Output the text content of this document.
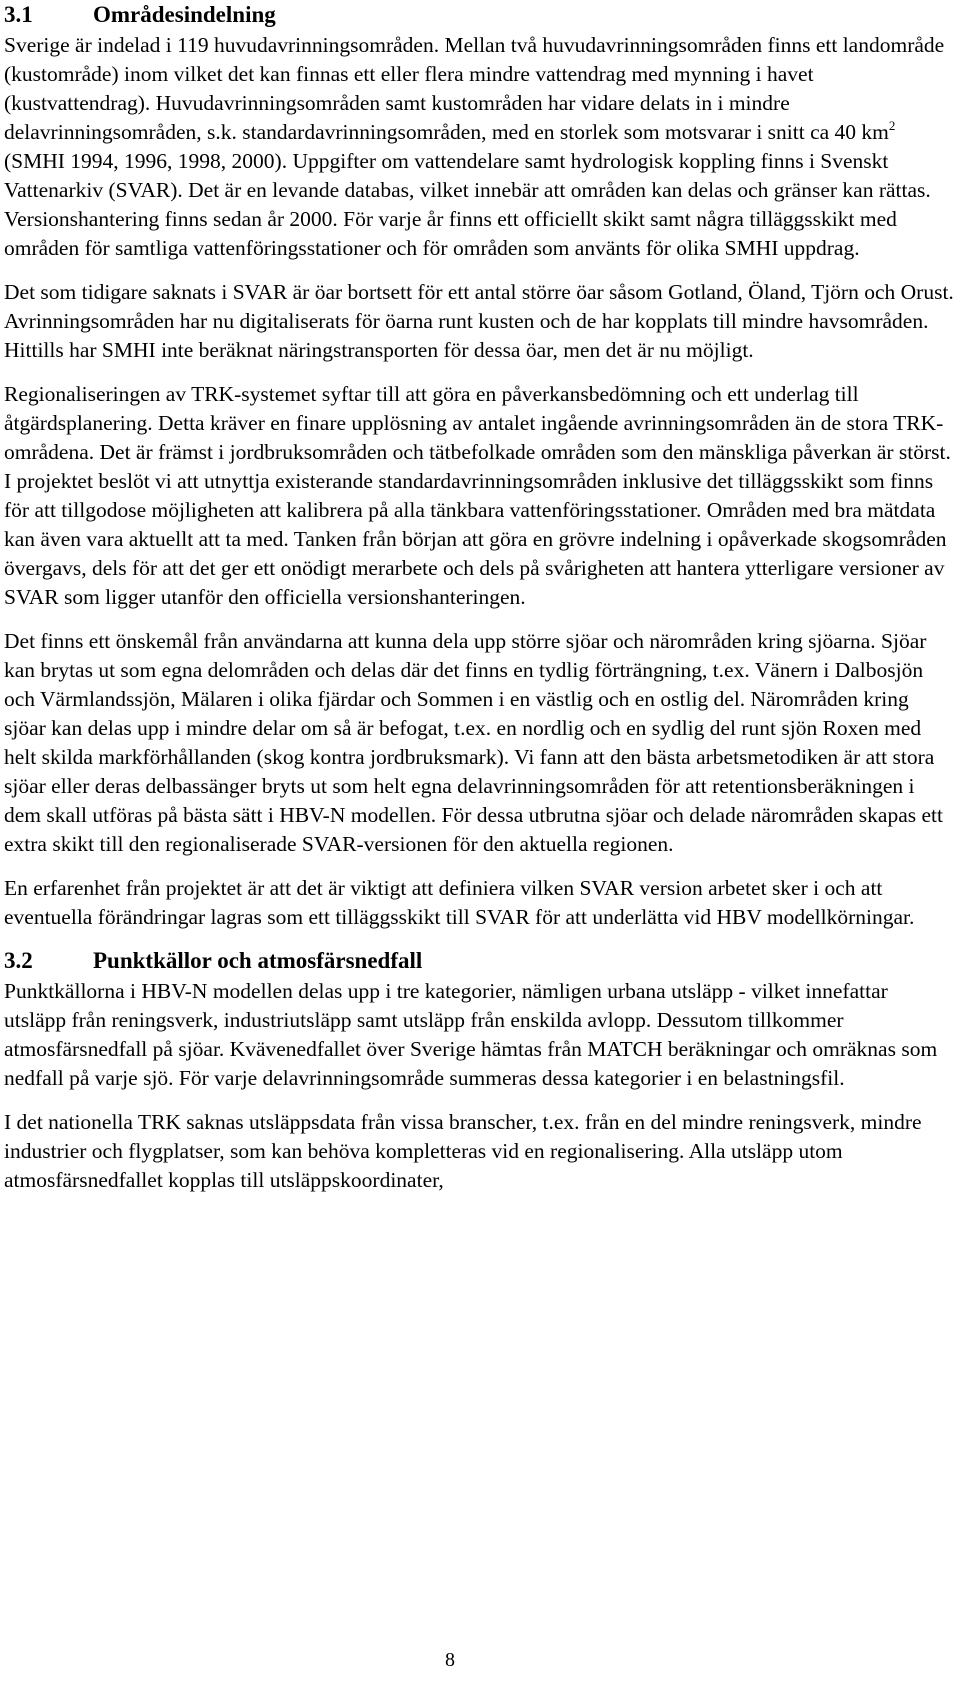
3.1	Områdesindelning

Sverige är indelad i 119 huvudavrinningsområden. Mellan två huvudavrinningsområden finns ett landområde (kustområde) inom vilket det kan finnas ett eller flera mindre vattendrag med mynning i havet (kustvattendrag). Huvudavrinningsområden samt kustområden har vidare delats in i mindre delavrinningsområden, s.k. standardavrinningsområden, med en storlek som motsvarar i snitt ca 40 $km^2$ (SMHI 1994, 1996, 1998, 2000). Uppgifter om vattendelare samt hydrologisk koppling finns i Svenskt Vattenarkiv (SVAR). Det är en levande databas, vilket innebär att områden kan delas och gränser kan rättas. Versionshantering finns sedan år 2000. För varje år finns ett officiellt skikt samt några tilläggsskikt med områden för samtliga vattenföringsstationer och för områden som använts för olika SMHI uppdrag.

Det som tidigare saknats i SVAR är öar bortsett för ett antal större öar såsom Gotland, Öland, Tjörn och Orust. Avrinningsområden har nu digitaliserats för öarna runt kusten och de har kopplats till mindre havsområden. Hittills har SMHI inte beräknat näringstransporten för dessa öar, men det är nu möjligt.

Regionaliseringen av TRK-systemet syftar till att göra en påverkansbedömning och ett underlag till åtgärdsplanering. Detta kräver en finare upplösning av antalet ingående avrinningsområden än de stora TRK-områdena. Det är främst i jordbruksområden och tätbefolkade områden som den mänskliga påverkan är störst. I projektet beslöt vi att utnyttja existerande standardavrinningsområden inklusive det tilläggsskikt som finns för att tillgodose möjligheten att kalibrera på alla tänkbara vattenföringsstationer. Områden med bra mätdata kan även vara aktuellt att ta med. Tanken från början att göra en grövre indelning i opåverkade skogsområden övergavs, dels för att det ger ett onödigt merarbete och dels på svårigheten att hantera ytterligare versioner av SVAR som ligger utanför den officiella versionshanteringen.

Det finns ett önskemål från användarna att kunna dela upp större sjöar och närområden kring sjöarna. Sjöar kan brytas ut som egna delområden och delas där det finns en tydlig förträngning, t.ex. Vänern i Dalbosjön och Värmlandssjön, Mälaren i olika fjärdar och Sommen i en västlig och en ostlig del. Närområden kring sjöar kan delas upp i mindre delar om så är befogat, t.ex. en nordlig och en sydlig del runt sjön Roxen med helt skilda markförhållanden (skog kontra jordbruksmark). Vi fann att den bästa arbetsmetodiken är att stora sjöar eller deras delbassänger bryts ut som helt egna delavrinningsområden för att retentionsberäkningen i dem skall utföras på bästa sätt i HBV-N modellen. För dessa utbrutna sjöar och delade närområden skapas ett extra skikt till den regionaliserade SVAR-versionen för den aktuella regionen.

En erfarenhet från projektet är att det är viktigt att definiera vilken SVAR version arbetet sker i och att eventuella förändringar lagras som ett tilläggsskikt till SVAR för att underlätta vid HBV modellkörningar.

3.2	Punktkällor och atmosfärsnedfall

Punktkällorna i HBV-N modellen delas upp i tre kategorier, nämligen urbana utsläpp - vilket innefattar utsläpp från reningsverk, industriutsläpp samt utsläpp från enskilda avlopp. Dessutom tillkommer atmosfärsnedfall på sjöar. Kvävenedfallet över Sverige hämtas från MATCH beräkningar och omräknas som nedfall på varje sjö. För varje delavrinningsområde summeras dessa kategorier i en belastningsfil.

I det nationella TRK saknas utsläppsdata från vissa branscher, t.ex. från en del mindre reningsverk, mindre industrier och flygplatser, som kan behöva kompletteras vid en regionalisering. Alla utsläpp utom atmosfärsnedfallet kopplas till utsläppskoordinater,

8
